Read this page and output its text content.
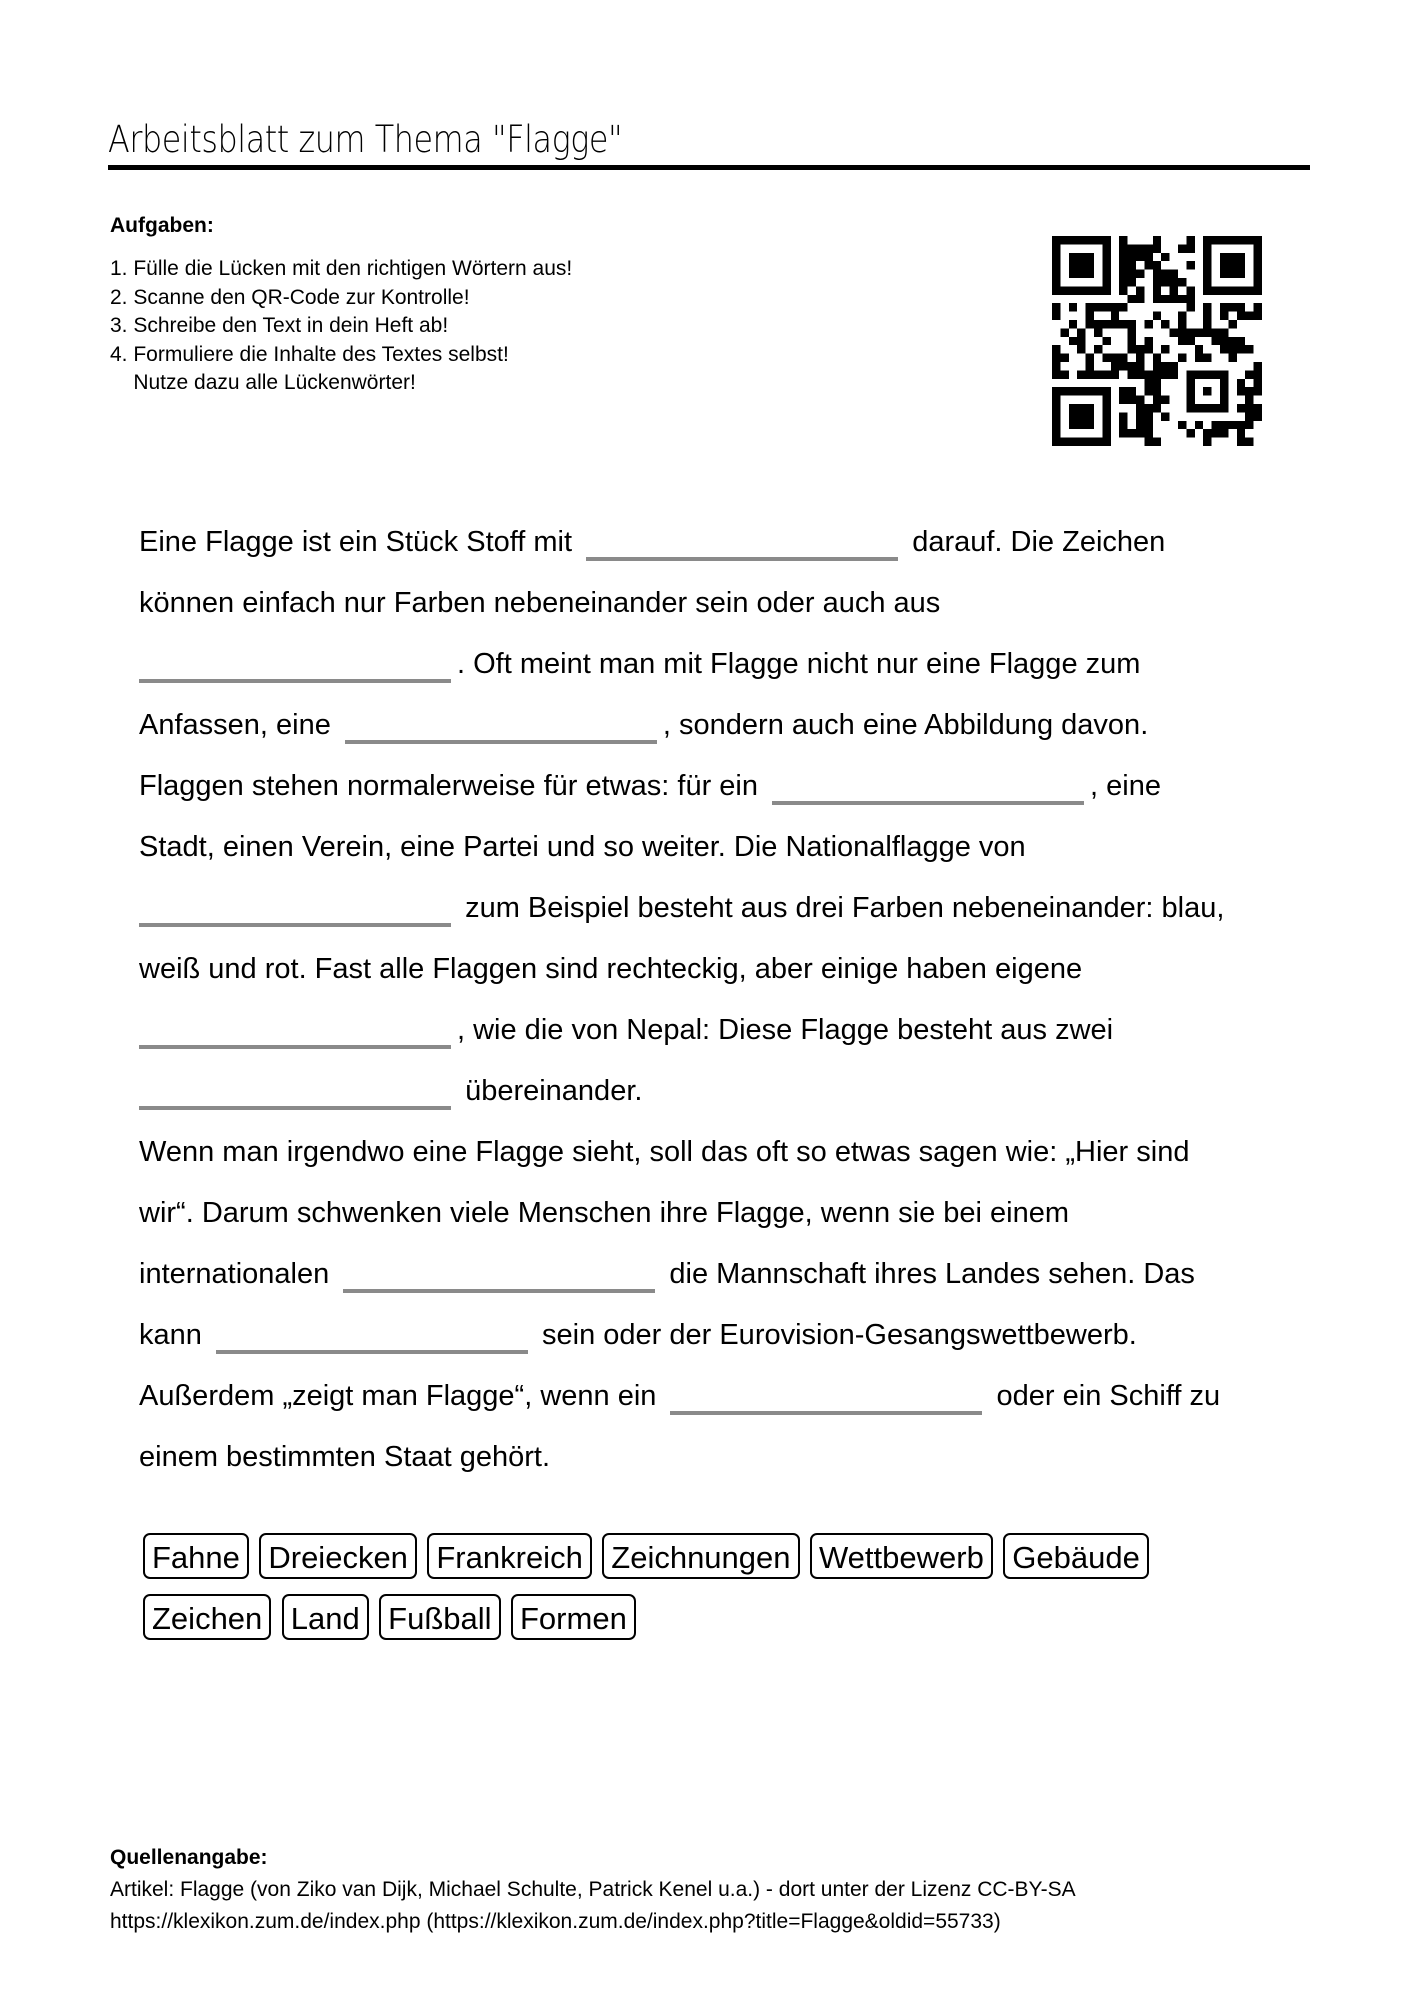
Arbeitsblatt zum Thema "Flagge"
Aufgaben:
1. Fülle die Lücken mit den richtigen Wörtern aus!
2. Scanne den QR-Code zur Kontrolle!
3. Schreibe den Text in dein Heft ab!
4. Formuliere die Inhalte des Textes selbst!
Nutze dazu alle Lückenwörter!
Eine Flagge ist ein Stück Stoff mit	darauf. Die Zeichen
können einfach nur Farben nebeneinander sein oder auch aus
. Oft meint man mit Flagge nicht nur eine Flagge zum
Anfassen, eine	, sondern auch eine Abbildung davon.
Flaggen stehen normalerweise für etwas: für ein	, eine
Stadt, einen Verein, eine Partei und so weiter. Die Nationalflagge von
zum Beispiel besteht aus drei Farben nebeneinander: blau,
weiß und rot. Fast alle Flaggen sind rechteckig, aber einige haben eigene
, wie die von Nepal: Diese Flagge besteht aus zwei
übereinander.
Wenn man irgendwo eine Flagge sieht, soll das oft so etwas sagen wie: „Hier sind
wir“. Darum schwenken viele Menschen ihre Flagge, wenn sie bei einem
internationalen	die Mannschaft ihres Landes sehen. Das
kann	sein oder der Eurovision-Gesangswettbewerb.
Außerdem „zeigt man Flagge“, wenn ein	oder ein Schiff zu
einem bestimmten Staat gehört.
Fahne Dreiecken Frankreich Zeichnungen Wettbewerb Gebäude
Zeichen Land Fußball Formen
Quellenangabe:
Artikel: Flagge (von Ziko van Dijk, Michael Schulte, Patrick Kenel u.a.) - dort unter der Lizenz CC-BY-SA
https://klexikon.zum.de/index.php (https://klexikon.zum.de/index.php?title=Flagge&oldid=55733)
